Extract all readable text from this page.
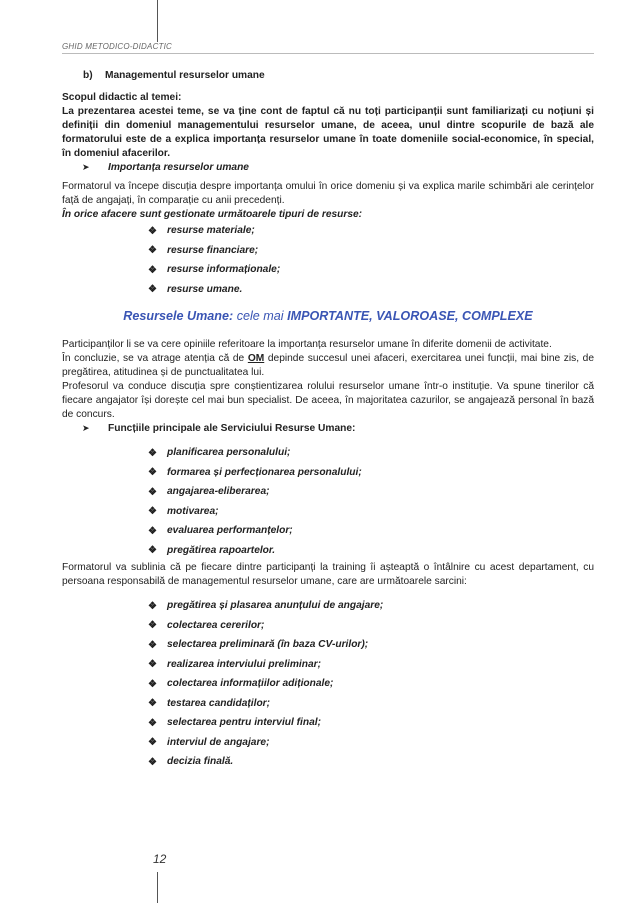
GHID METODICO-DIDACTIC
b)	Managementul resurselor umane

Scopul didactic al temei:

La prezentarea acestei teme, se va ține cont de faptul că nu toți participanții sunt familiarizați cu noțiuni și definiții din domeniul managementului resurselor umane, de aceea, unul dintre scopurile de bază ale formatorului este de a explica importanța resurselor umane în toate domeniile social-economice, în special, în domeniul afacerilor.

➤	Importanța resurselor umane

Formatorul va începe discuția despre importanța omului în orice domeniu și va explica marile schimbări ale cerințelor față de angajați, în comparație cu anii precedenți.

În orice afacere sunt gestionate următoarele tipuri de resurse:

❖ resurse materiale;
❖ resurse financiare;
❖ resurse informaționale;
❖ resurse umane.
Resursele Umane: cele mai IMPORTANTE, VALOROASE, COMPLEXE

Participanților li se va cere opiniile referitoare la importanța resurselor umane în diferite domenii de activitate.

În concluzie, se va atrage atenția că de OM depinde succesul unei afaceri, exercitarea unei funcții, mai bine zis, de pregătirea, atitudinea și de punctualitatea lui.

Profesorul va conduce discuția spre conștientizarea rolului resurselor umane într-o instituție. Va spune tinerilor că fiecare angajator își dorește cel mai bun specialist. De aceea, în majoritatea cazurilor, se angajează personal în bază de concurs.

➤	Funcțiile principale ale Serviciului Resurse Umane:
❖ planificarea personalului;
❖ formarea și perfecționarea personalului;
❖ angajarea-eliberarea;
❖ motivarea;
❖ evaluarea performanțelor;
❖ pregătirea rapoartelor.

Formatorul va sublinia că pe fiecare dintre participanți la training îi așteaptă o întâlnire cu acest departament, cu persoana responsabilă de managementul resurselor umane, care are următoarele sarcini:

❖ pregătirea și plasarea anunțului de angajare;
❖ colectarea cererilor;
❖ selectarea preliminară (în baza CV-urilor);
❖ realizarea interviului preliminar;
❖ colectarea informațiilor adiționale;
❖ testarea candidaților;
❖ selectarea pentru interviul final;
❖ interviul de angajare;
❖ decizia finală.
12
